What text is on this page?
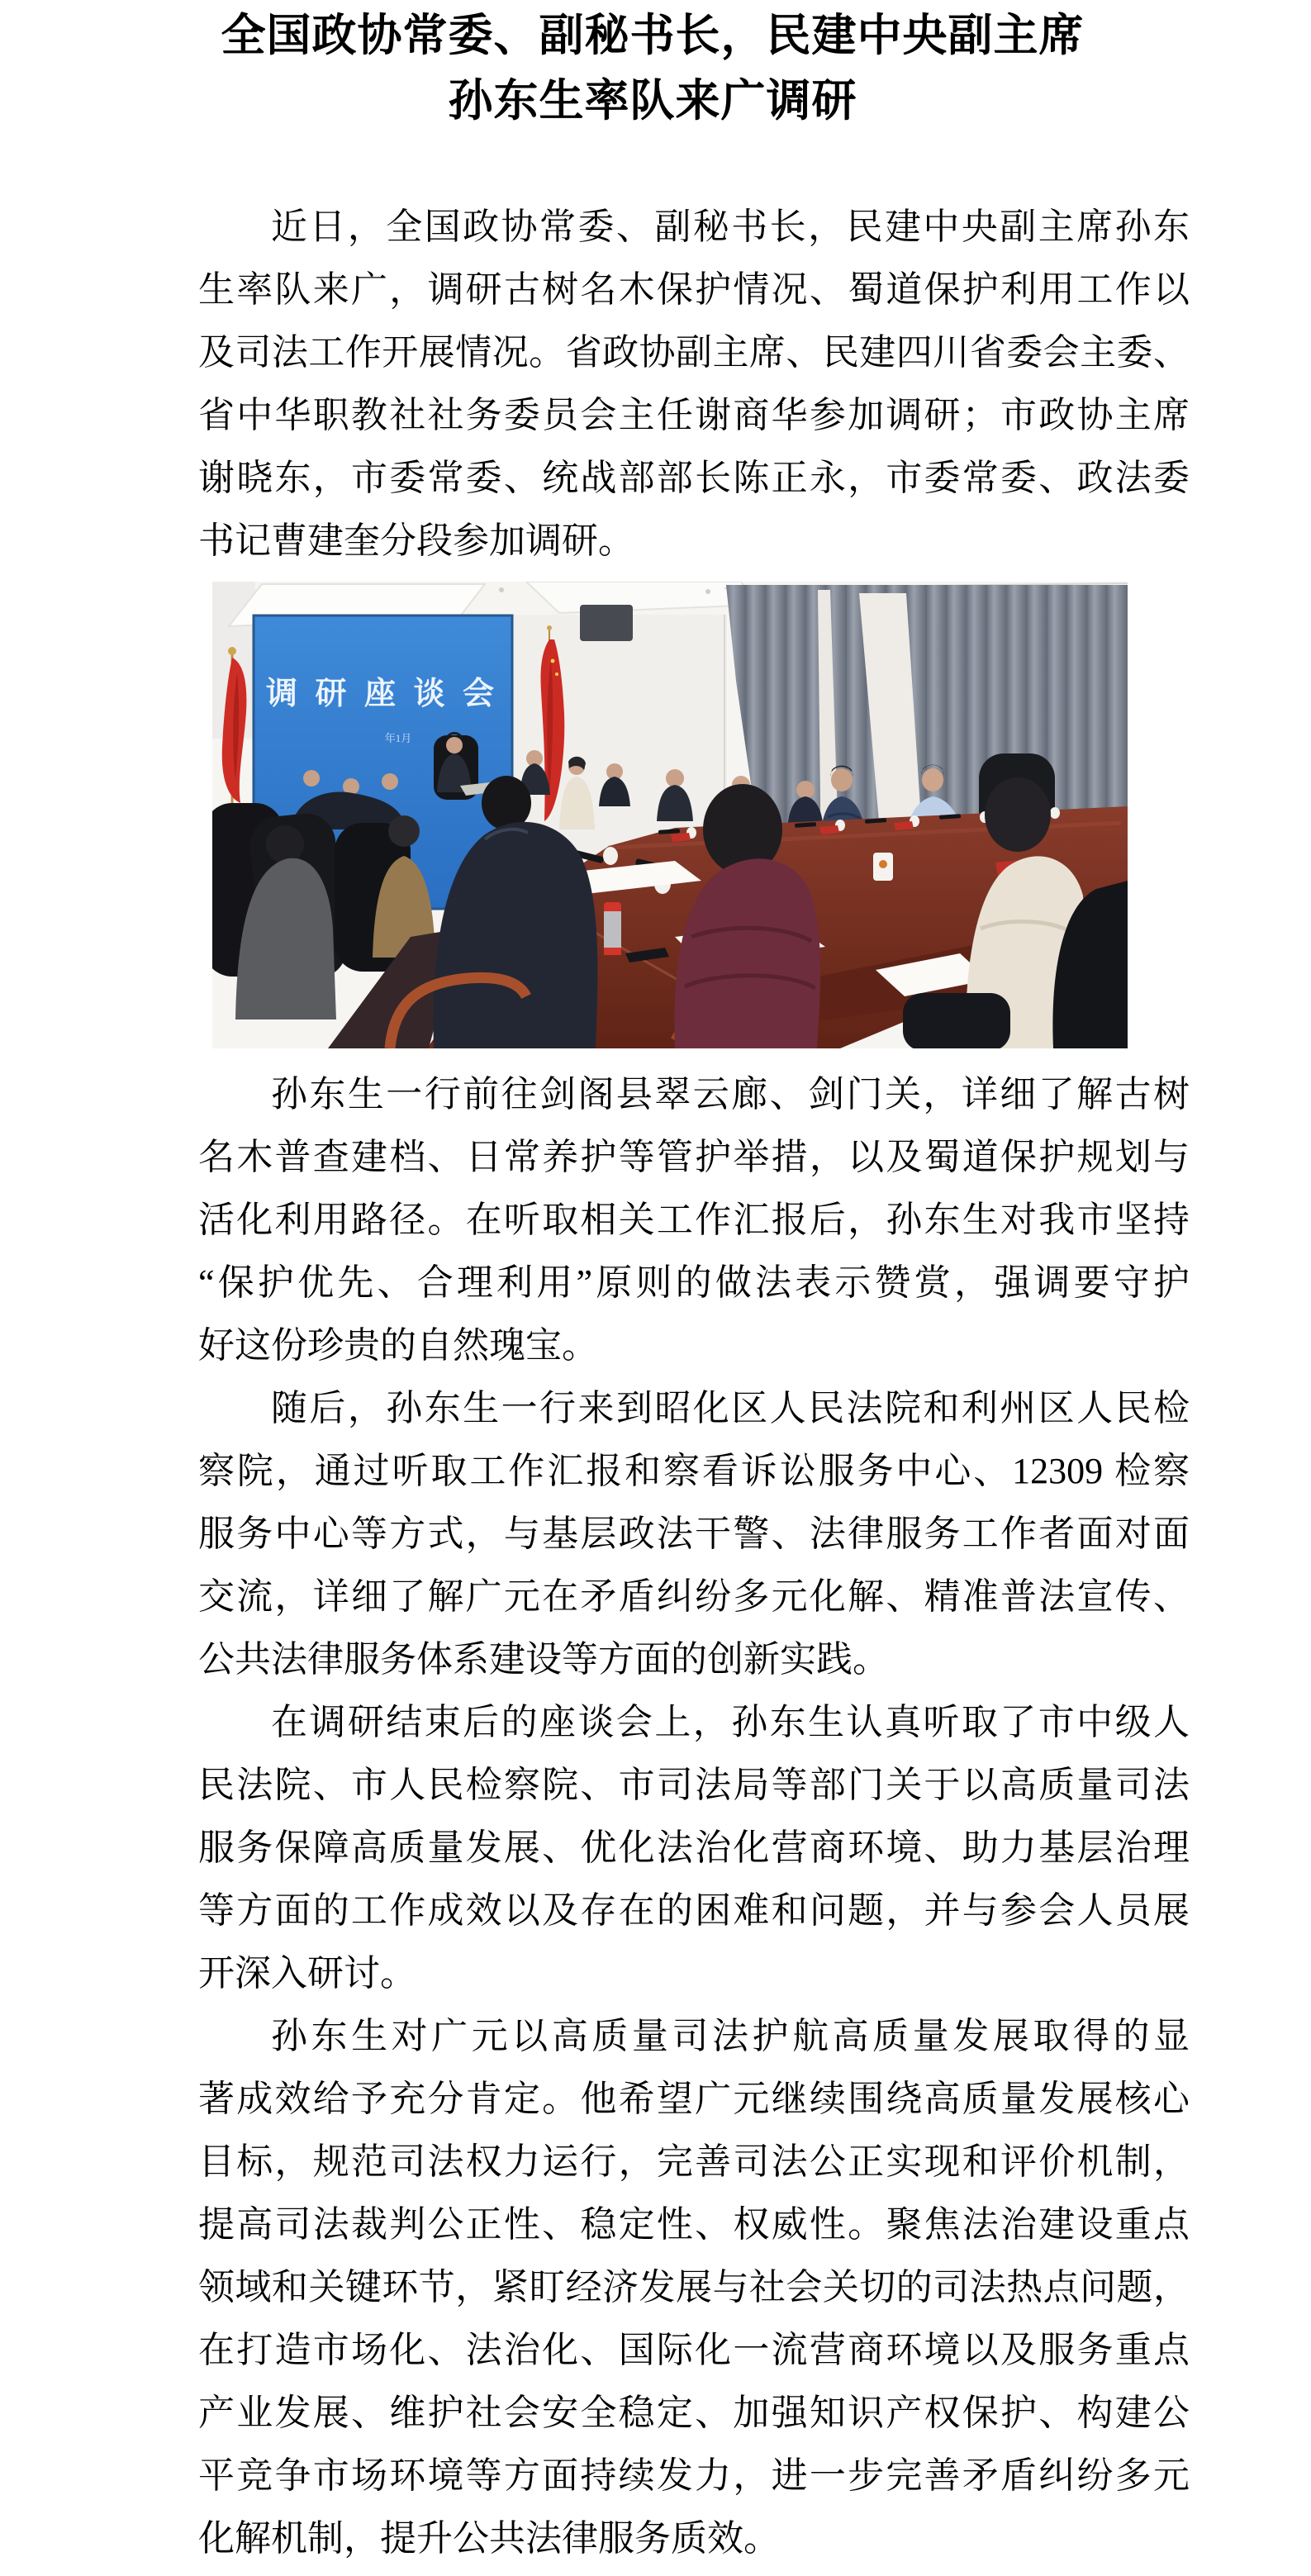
全国政协常委、副秘书长，民建中央副主席
孙东生率队来广调研
近日，全国政协常委、副秘书长，民建中央副主席孙东
生率队来广，调研古树名木保护情况、蜀道保护利用工作以
及司法工作开展情况。省政协副主席、民建四川省委会主委、
省中华职教社社务委员会主任谢商华参加调研；市政协主席
谢晓东，市委常委、统战部部长陈正永，市委常委、政法委
书记曹建奎分段参加调研。
孙东生一行前往剑阁县翠云廊、剑门关，详细了解古树
名木普查建档、日常养护等管护举措，以及蜀道保护规划与
活化利用路径。在听取相关工作汇报后，孙东生对我市坚持
“保护优先、合理利用”原则的做法表示赞赏，强调要守护
好这份珍贵的自然瑰宝。
随后，孙东生一行来到昭化区人民法院和利州区人民检
察院，通过听取工作汇报和察看诉讼服务中心、12309 检察
服务中心等方式，与基层政法干警、法律服务工作者面对面
交流，详细了解广元在矛盾纠纷多元化解、精准普法宣传、
公共法律服务体系建设等方面的创新实践。
在调研结束后的座谈会上，孙东生认真听取了市中级人
民法院、市人民检察院、市司法局等部门关于以高质量司法
服务保障高质量发展、优化法治化营商环境、助力基层治理
等方面的工作成效以及存在的困难和问题，并与参会人员展
开深入研讨。
孙东生对广元以高质量司法护航高质量发展取得的显
著成效给予充分肯定。他希望广元继续围绕高质量发展核心
目标，规范司法权力运行，完善司法公正实现和评价机制，
提高司法裁判公正性、稳定性、权威性。聚焦法治建设重点
领域和关键环节，紧盯经济发展与社会关切的司法热点问题，
在打造市场化、法治化、国际化一流营商环境以及服务重点
产业发展、维护社会安全稳定、加强知识产权保护、构建公
平竞争市场环境等方面持续发力，进一步完善矛盾纠纷多元
化解机制，提升公共法律服务质效。
调 研 座 谈 会
年1月
